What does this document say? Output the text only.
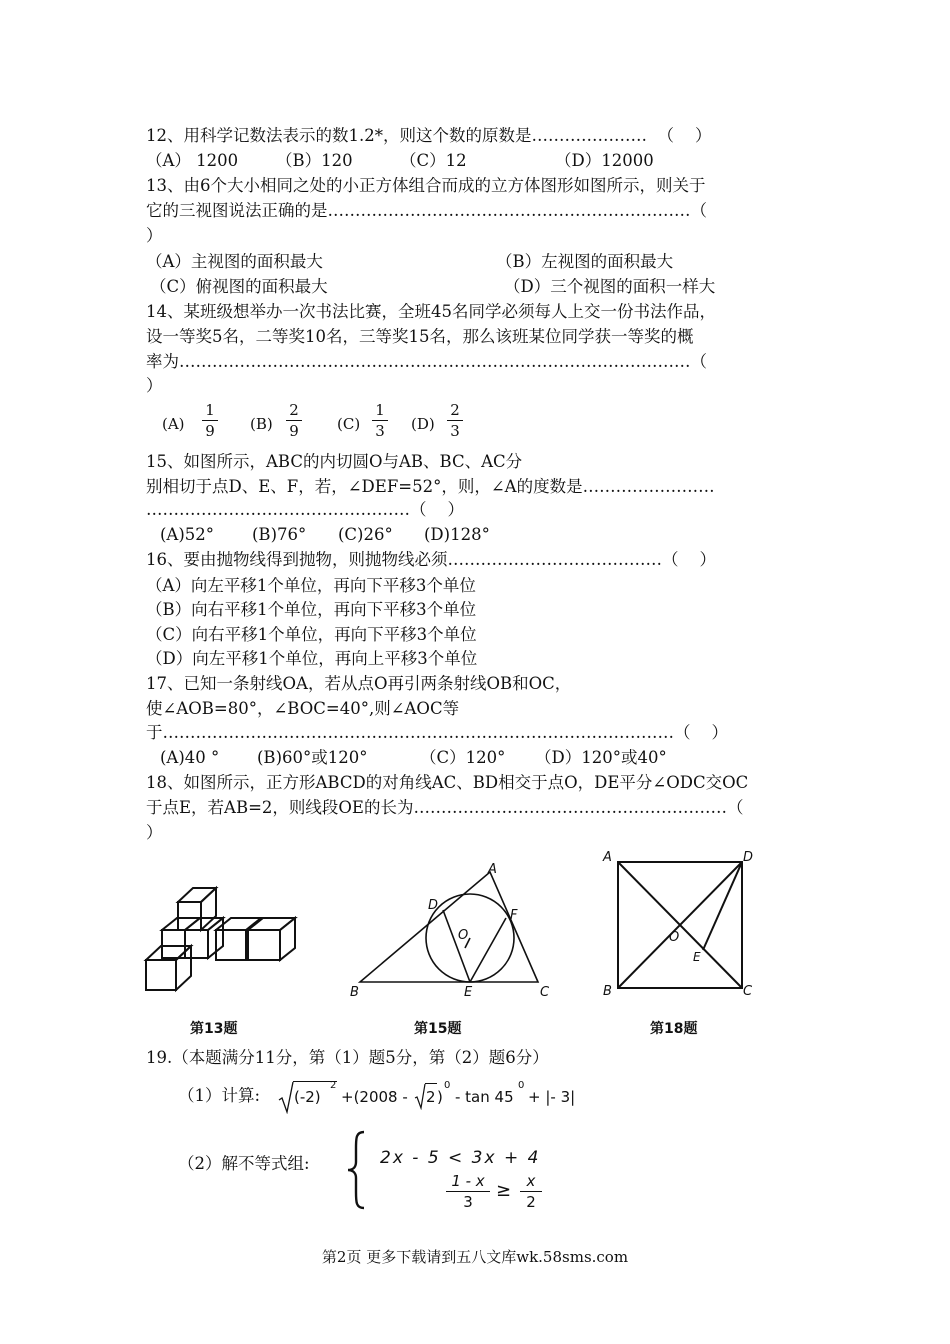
12、用科学记数法表示的数1.2*，则这个数的原数是…………………  （    ）
（A） 1200 （B）120	（C）12	（D）12000
13、由6个大小相同之处的小正方体组合而成的立方体图形如图所示，则关于
它的三视图说法正确的是…………………………………………………………（
）
（A）主视图的面积最大	（B）左视图的面积最大
（C）俯视图的面积最大	（D）三个视图的面积一样大
14、某班级想举办一次书法比赛，全班45名同学必须每人上交一份书法作品，
设一等奖5名，二等奖10名，三等奖15名，那么该班某位同学获一等奖的概
率为…………………………………………………………………………………（
）
(A)
1
9	(B)
2
9	(C)
1
3	(D)
2
3
15、如图所示，ABC的内切圆O与AB、BC、AC分
别相切于点D、E、F，若，∠DEF=52°，则，∠A的度数是……………………
…………………………………………（    ）
(A)52° (B)76° (C)26° (D)128°
16、要由抛物线得到抛物，则抛物线必须…………………………………（    ）
（A）向左平移1个单位，再向下平移3个单位
（B）向右平移1个单位，再向下平移3个单位
（C）向右平移1个单位，再向下平移3个单位
（D）向左平移1个单位，再向上平移3个单位
17、已知一条射线OA，若从点O再引两条射线OB和OC，
使∠AOB=80°，∠BOC=40°,则∠AOC等
于…………………………………………………………………………………（    ）
(A)40 ° (B)60°或120°	（C）120° （D）120°或40°
18、如图所示，正方形ABCD的对角线AC、BD相交于点O，DE平分∠ODC交OC
于点E，若AB=2，则线段OE的长为…………………………………………………（
）
第13题
A
B	C
D
E
F
O
第15题
A	D
B	C
O
E
第18题
19.（本题满分11分，第（1）题5分，第（2）题6分）
（1）计算: (-2)
2
+(2008 - 2 )
0
- tan 45
0
+ |- 3|
（2）解不等式组:	2x - 5 < 3x + 4
1 - x
3
≥	x
2
第2页 更多下载请到五八文库wk.58sms.com
